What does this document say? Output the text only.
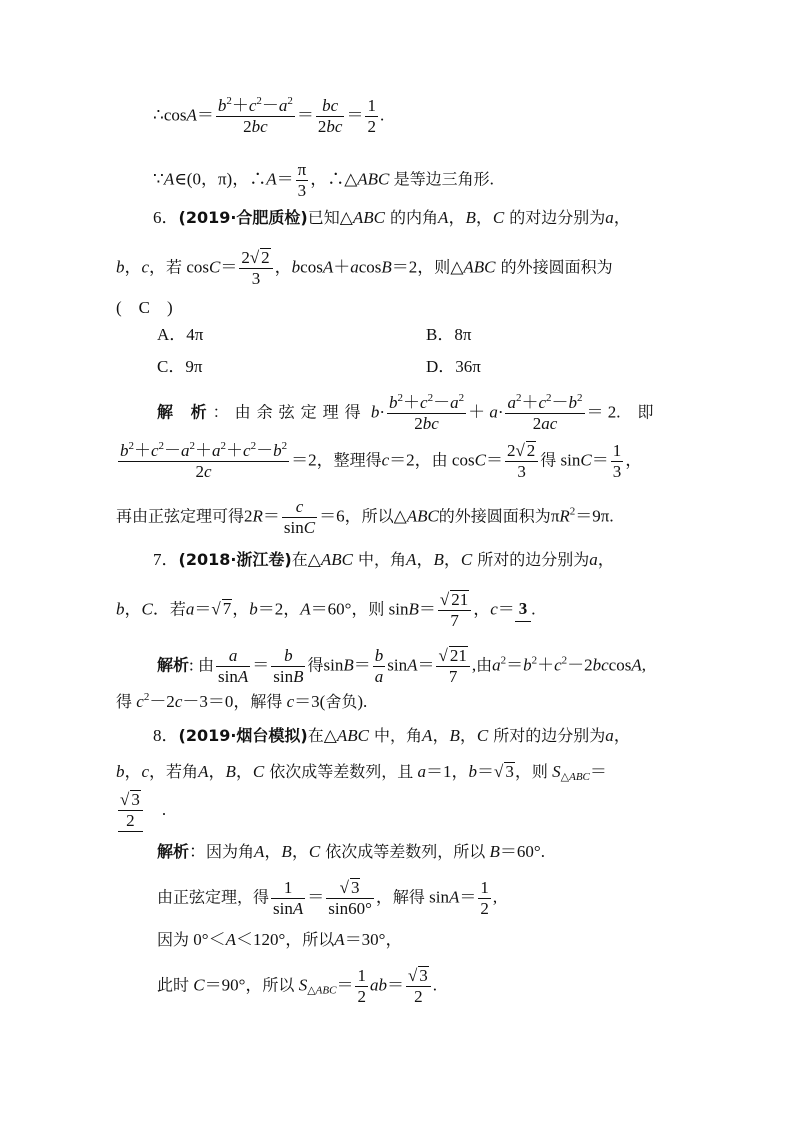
∴cosA＝ $\frac{b^2+c^2-a^2}{2bc} = \frac{bc}{2bc} = \frac{1}{2}$ .
∵A∈(0，π)，∴A＝ $\frac{\pi}{3}$ ，∴△ABC 是等边三角形.
6．(2019·合肥质检)已知△ABC 的内角A，B，C 的对边分别为a，
b，c，若 $\cos C= \frac{2√ 2}{3}$ ，bcosA＋acosB＝2，则△ABC 的外接圆面积为
(　C　)
A．4π	B．8π
C．9π	D．36π
解 析：由余弦定理得 $b\cdot \frac{b^2+c^2-a^2}{2bc} + a\cdot \frac{a^2+c^2-b^2}{2ac} = 2$.　即
$\frac{b^2+c^2-a^2+a^2+c^2-b^2}{2c} =2$，整理得c＝2，由 $\cos C= \frac{2√ 2}{3}$ 得 $\sin C= \frac{1}{3}$ ，
再由正弦定理可得$2R= \frac{c}{\sin C} =6$，所以△ABC的外接圆面积为$\pi R^2=9\pi$.
7．(2018·浙江卷)在△ABC 中，角A，B，C 所对的边分别为a，
b，C．若a＝√ 7，b＝2，A＝60°，则 $\sin B= \frac{√ 21}{7}$ ，c＝ 3 .
解析: 由 $\frac{a}{\sin A} = \frac{b}{\sin B}$ 得$\sin B= \frac{b}{a} \sin A= \frac{√ 21}{7}$ ,由$a^2=b^2+c^2-2bccosA$,
得 $c^2-2c-3=0$，解得 c＝3(舍负).
8．(2019·烟台模拟)在△ABC 中，角A，B，C 所对的边分别为a，
b，c，若角A，B，C 依次成等差数列，且 a＝1，b＝√ 3，则 $S_{\triangle ABC}=$
$\frac{√ 3}{2}$ 　.
解析：因为角A，B，C 依次成等差数列，所以 B＝60°.
由正弦定理，得 $\frac{1}{\sin A} = \frac{√ 3}{\sin 60^\circ}$ ，解得 $\sin A= \frac{1}{2}$ ,
因为 0°＜A＜120°，所以A＝30°，
此时 C＝90°，所以 $S_{\triangle ABC}= \frac{1}{2} ab= \frac{√ 3}{2}$ .
